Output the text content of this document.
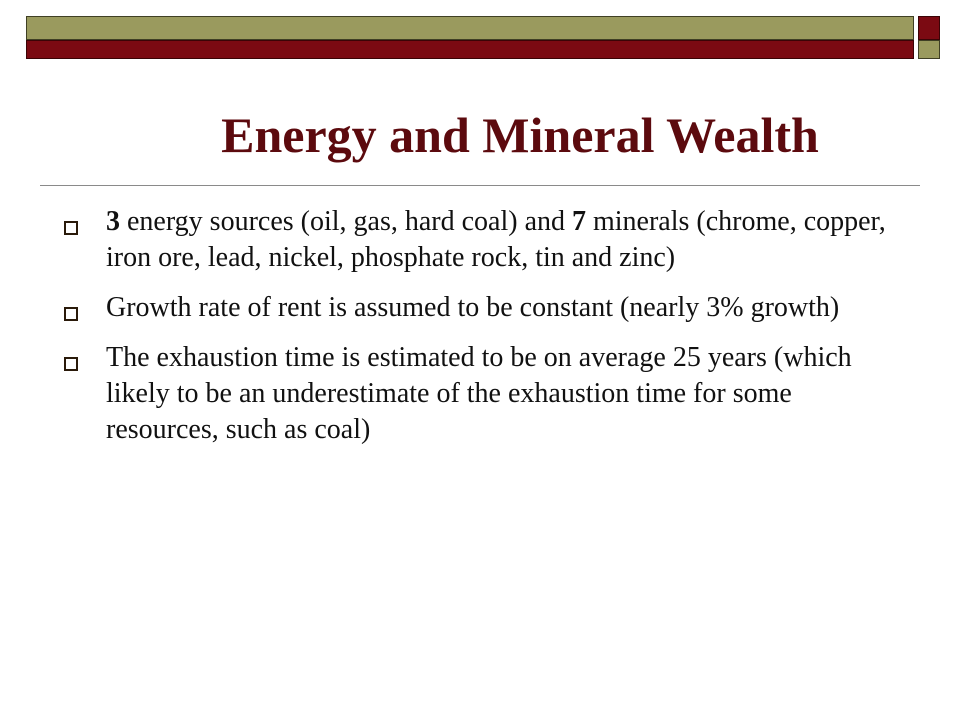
Energy and Mineral Wealth
3 energy sources (oil, gas, hard coal) and 7 minerals (chrome, copper, iron ore, lead, nickel, phosphate rock, tin and zinc)
Growth rate of rent is assumed to be constant (nearly 3% growth)
The exhaustion time is estimated to be on average 25 years (which likely to be an underestimate of the exhaustion time for some resources, such as coal)
